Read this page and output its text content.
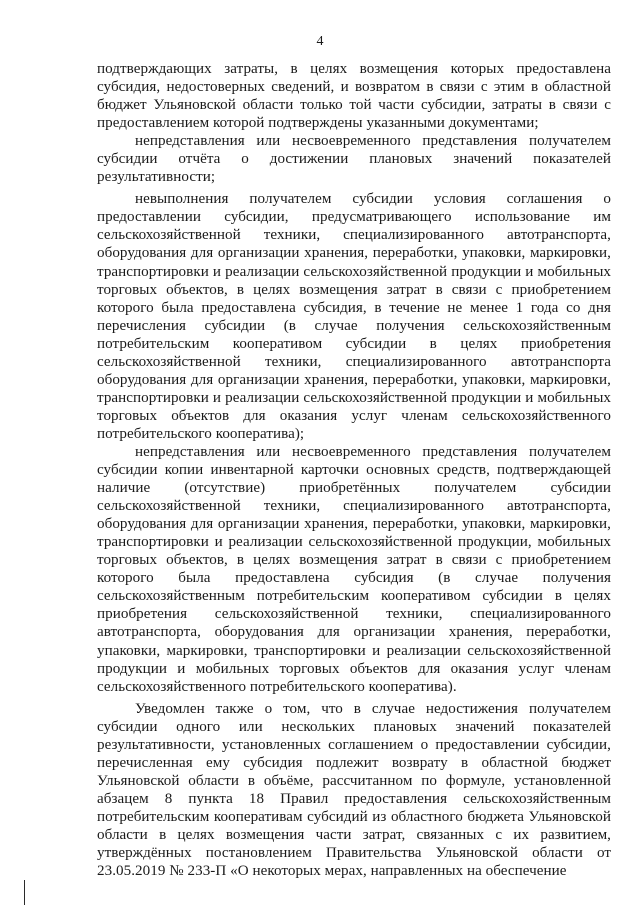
4

подтверждающих затраты, в целях возмещения которых предоставлена субсидия, недостоверных сведений, и возвратом в связи с этим в областной бюджет Ульяновской области только той части субсидии, затраты в связи с предоставлением которой подтверждены указанными документами;

непредставления или несвоевременного представления получателем субсидии отчёта о достижении плановых значений показателей результативности;

невыполнения получателем субсидии условия соглашения о предоставлении субсидии, предусматривающего использование им сельскохозяйственной техники, специализированного автотранспорта, оборудования для организации хранения, переработки, упаковки, маркировки, транспортировки и реализации сельскохозяйственной продукции и мобильных торговых объектов, в целях возмещения затрат в связи с приобретением которого была предоставлена субсидия, в течение не менее 1 года со дня перечисления субсидии (в случае получения сельскохозяйственным потребительским кооперативом субсидии в целях приобретения сельскохозяйственной техники, специализированного автотранспорта оборудования для организации хранения, переработки, упаковки, маркировки, транспортировки и реализации сельскохозяйственной продукции и мобильных торговых объектов для оказания услуг членам сельскохозяйственного потребительского кооператива);

непредставления или несвоевременного представления получателем субсидии копии инвентарной карточки основных средств, подтверждающей наличие (отсутствие) приобретённых получателем субсидии сельскохозяйственной техники, специализированного автотранспорта, оборудования для организации хранения, переработки, упаковки, маркировки, транспортировки и реализации сельскохозяйственной продукции, мобильных торговых объектов, в целях возмещения затрат в связи с приобретением которого была предоставлена субсидия (в случае получения сельскохозяйственным потребительским кооперативом субсидии в целях приобретения сельскохозяйственной техники, специализированного автотранспорта, оборудования для организации хранения, переработки, упаковки, маркировки, транспортировки и реализации сельскохозяйственной продукции и мобильных торговых объектов для оказания услуг членам сельскохозяйственного потребительского кооператива).

Уведомлен также о том, что в случае недостижения получателем субсидии одного или нескольких плановых значений показателей результативности, установленных соглашением о предоставлении субсидии, перечисленная ему субсидия подлежит возврату в областной бюджет Ульяновской области в объёме, рассчитанном по формуле, установленной абзацем 8 пункта 18 Правил предоставления сельскохозяйственным потребительским кооперативам субсидий из областного бюджета Ульяновской области в целях возмещения части затрат, связанных с их развитием, утверждённых постановлением Правительства Ульяновской области от 23.05.2019 № 233-П «О некоторых мерах, направленных на обеспечение
